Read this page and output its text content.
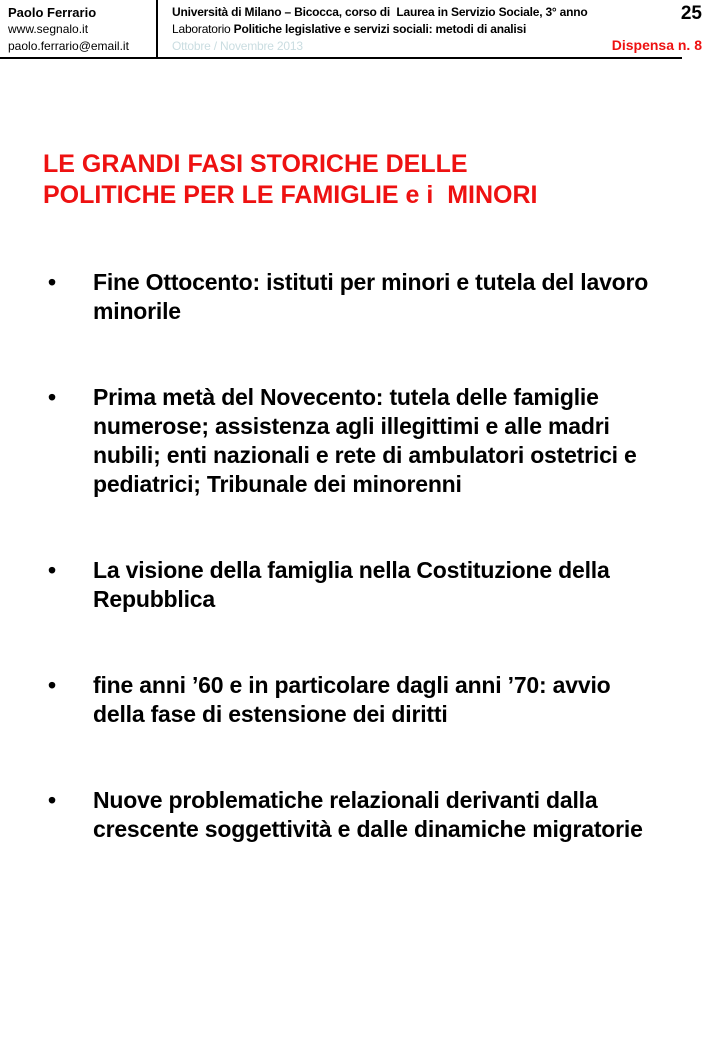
Paolo Ferrario
www.segnalo.it
paolo.ferrario@email.it
Università di Milano – Bicocca, corso di  Laurea in Servizio Sociale, 3° anno
Laboratorio Politiche legislative e servizi sociali: metodi di analisi
Ottobre / Novembre 2013
25
Dispensa n. 8
LE GRANDI FASI STORICHE DELLE
POLITICHE PER LE FAMIGLIE e i  MINORI
•	Fine Ottocento: istituti per minori e tutela del lavoro minorile
•	Prima metà del Novecento: tutela delle famiglie numerose; assistenza agli illegittimi e alle madri nubili; enti nazionali e rete di ambulatori ostetrici e pediatrici; Tribunale dei minorenni
•	La visione della famiglia nella Costituzione della Repubblica
•	fine anni ’60 e in particolare dagli anni ’70: avvio della fase di estensione dei diritti
•	Nuove problematiche relazionali derivanti dalla crescente soggettività e dalle dinamiche migratorie
